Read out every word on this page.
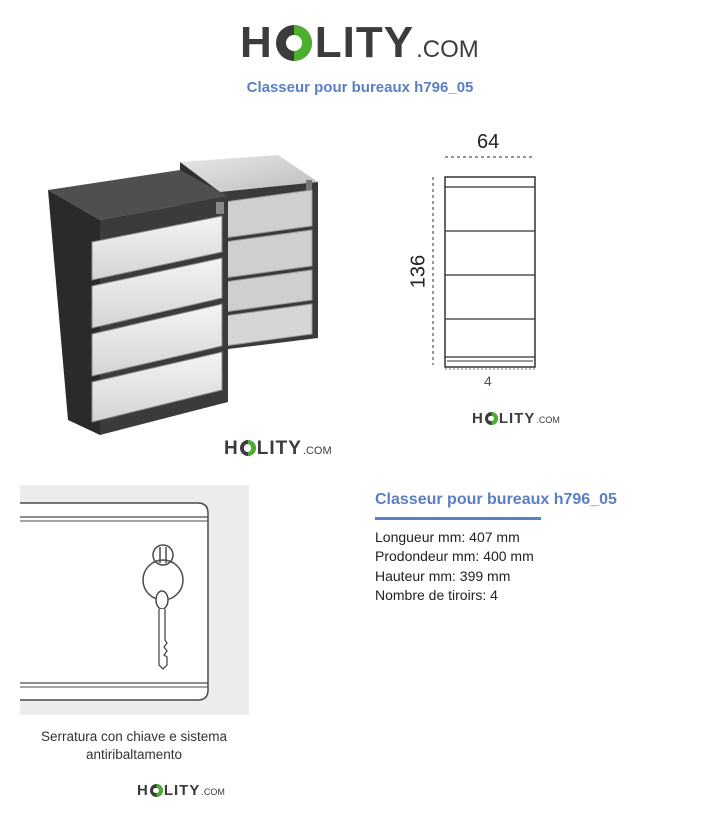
H LITY .COM
Classeur pour bureaux h796_05
H LITY .COM
64
136
4
H LITY .COM
Serratura con chiave e sistema
antiribaltamento
H LITY .COM
Classeur pour bureaux h796_05
Longueur mm: 407 mm
Prodondeur mm: 400 mm
Hauteur mm: 399 mm
Nombre de tiroirs: 4
